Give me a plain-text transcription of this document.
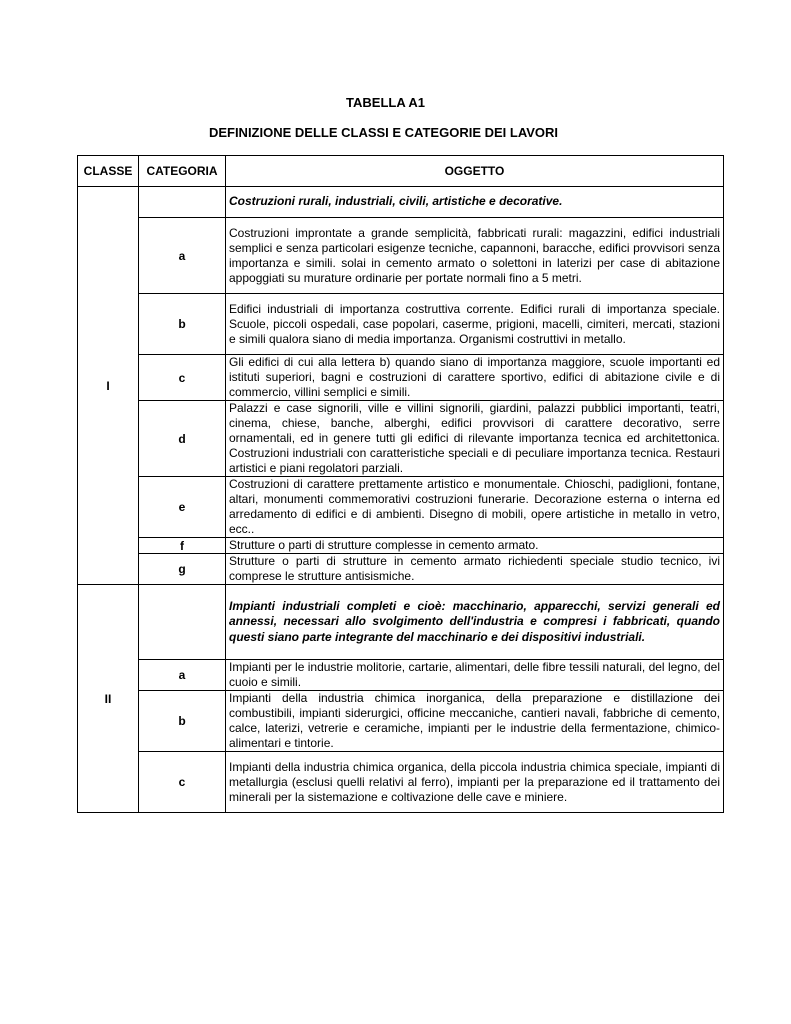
TABELLA A1
DEFINIZIONE DELLE CLASSI E CATEGORIE DEI LAVORI
CLASSE	CATEGORIA	OGGETTO
I		Costruzioni rurali, industriali, civili, artistiche e decorative.
	a	Costruzioni improntate a grande semplicità, fabbricati rurali: magazzini, edifici industriali semplici e senza particolari esigenze tecniche, capannoni, baracche, edifici provvisori senza importanza e simili. solai in cemento armato o solettoni in laterizi per case di abitazione appoggiati su murature ordinarie per portate normali fino a 5 metri.
	b	Edifici industriali di importanza costruttiva corrente. Edifici rurali di importanza speciale. Scuole, piccoli ospedali, case popolari, caserme, prigioni, macelli, cimiteri, mercati, stazioni e simili qualora siano di media importanza. Organismi costruttivi in metallo.
	c	Gli edifici di cui alla lettera b) quando siano di importanza maggiore, scuole importanti ed istituti superiori, bagni e costruzioni di carattere sportivo, edifici di abitazione civile e di commercio, villini semplici e simili.
	d	Palazzi e case signorili, ville e villini signorili, giardini, palazzi pubblici importanti, teatri, cinema, chiese, banche, alberghi, edifici provvisori di carattere decorativo, serre ornamentali, ed in genere tutti gli edifici di rilevante importanza tecnica ed architettonica. Costruzioni industriali con caratteristiche speciali e di peculiare importanza tecnica. Restauri artistici e piani regolatori parziali.
	e	Costruzioni di carattere prettamente artistico e monumentale. Chioschi, padiglioni, fontane, altari, monumenti commemorativi costruzioni funerarie. Decorazione esterna o interna ed arredamento di edifici e di ambienti. Disegno di mobili, opere artistiche in metallo in vetro, ecc..
	f	Strutture o parti di strutture complesse in cemento armato.
	g	Strutture o parti di strutture in cemento armato richiedenti speciale studio tecnico, ivi comprese le strutture antisismiche.
II		Impianti industriali completi e cioè: macchinario, apparecchi, servizi generali ed annessi, necessari allo svolgimento dell'industria e compresi i fabbricati, quando questi siano parte integrante del macchinario e dei dispositivi industriali.
	a	Impianti per le industrie molitorie, cartarie, alimentari, delle fibre tessili naturali, del legno, del cuoio e simili.
	b	Impianti della industria chimica inorganica, della preparazione e distillazione dei combustibili, impianti siderurgici, officine meccaniche, cantieri navali, fabbriche di cemento, calce, laterizi, vetrerie e ceramiche, impianti per le industrie della fermentazione, chimico-alimentari e tintorie.
	c	Impianti della industria chimica organica, della piccola industria chimica speciale, impianti di metallurgia (esclusi quelli relativi al ferro), impianti per la preparazione ed il trattamento dei minerali per la sistemazione e coltivazione delle cave e miniere.
